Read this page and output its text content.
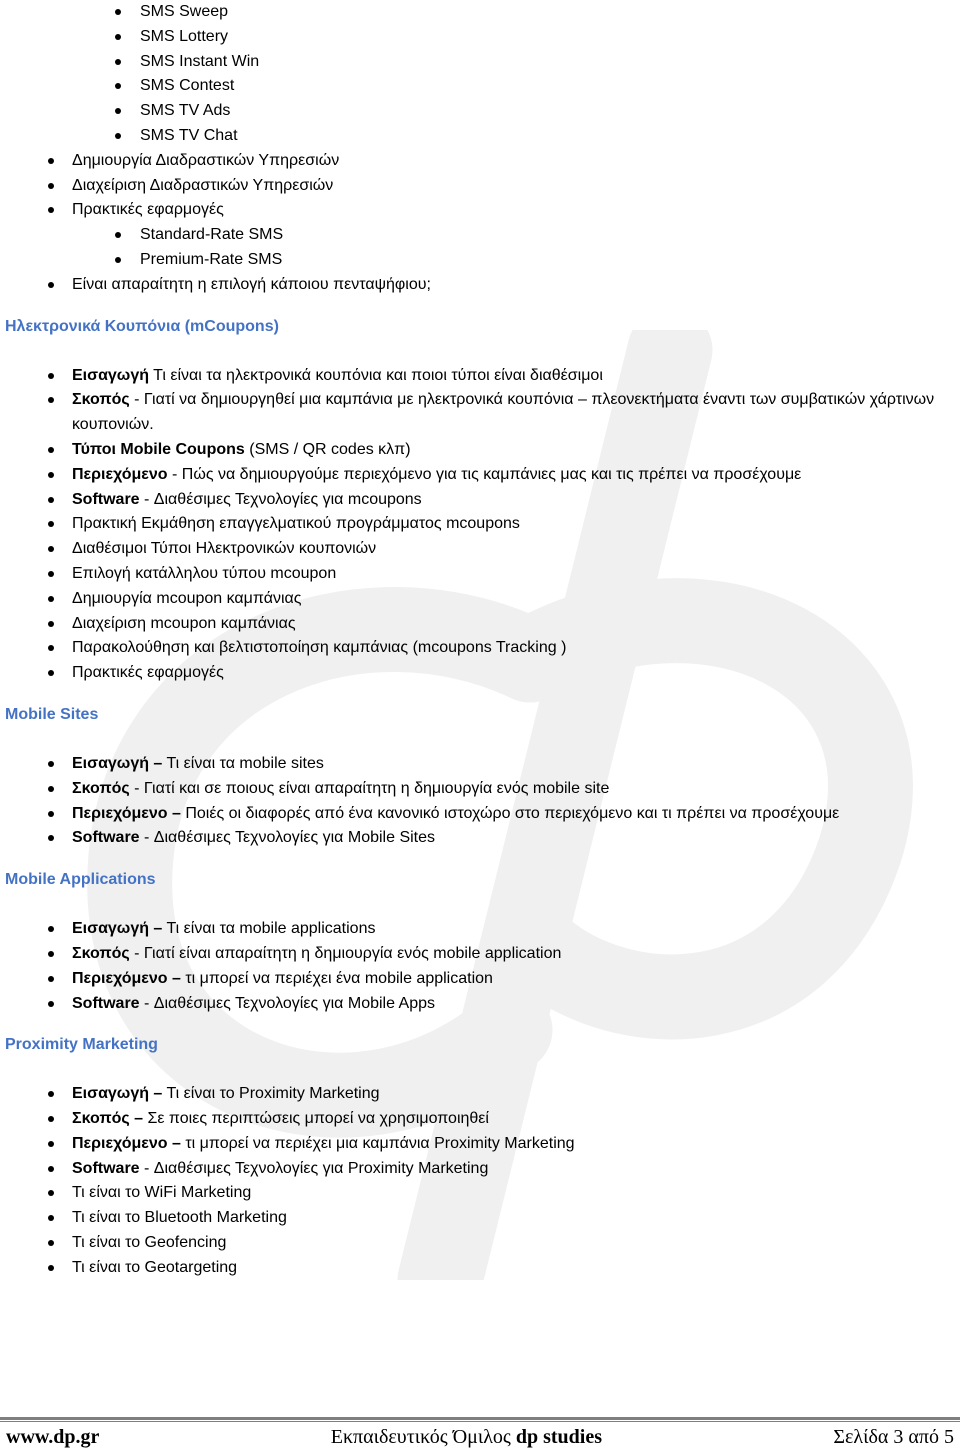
SMS Sweep
SMS Lottery
SMS Instant Win
SMS Contest
SMS TV Ads
SMS TV Chat
Δημιουργία Διαδραστικών Υπηρεσιών
Διαχείριση Διαδραστικών Υπηρεσιών
Πρακτικές εφαρμογές
Standard-Rate SMS
Premium-Rate SMS
Είναι απαραίτητη η επιλογή κάποιου πενταψήφιου;
Ηλεκτρονικά Κουπόνια (mCoupons)
Εισαγωγή Τι είναι τα ηλεκτρονικά κουπόνια και ποιοι τύποι είναι διαθέσιμοι
Σκοπός - Γιατί να δημιουργηθεί μια καμπάνια με ηλεκτρονικά κουπόνια – πλεονεκτήματα έναντι των συμβατικών χάρτινων κουπονιών.
Τύποι Mobile Coupons (SMS / QR codes κλπ)
Περιεχόμενο - Πώς να δημιουργούμε περιεχόμενο για τις καμπάνιες μας και τις πρέπει να προσέχουμε
Software - Διαθέσιμες Τεχνολογίες για mcoupons
Πρακτική Εκμάθηση επαγγελματικού προγράμματος mcoupons
Διαθέσιμοι Τύποι Ηλεκτρονικών κουπονιών
Επιλογή κατάλληλου τύπου mcoupon
Δημιουργία mcoupon καμπάνιας
Διαχείριση mcoupon καμπάνιας
Παρακολούθηση και βελτιστοποίηση καμπάνιας (mcoupons Tracking )
Πρακτικές εφαρμογές
Mobile Sites
Εισαγωγή – Τι είναι τα mobile sites
Σκοπός - Γιατί και σε ποιους είναι απαραίτητη η δημιουργία ενός mobile site
Περιεχόμενο – Ποιές οι διαφορές από ένα κανονικό ιστοχώρο στο περιεχόμενο και τι πρέπει να προσέχουμε
Software - Διαθέσιμες Τεχνολογίες για Mobile Sites
Mobile Applications
Εισαγωγή – Τι είναι τα mobile applications
Σκοπός - Γιατί είναι απαραίτητη η δημιουργία ενός mobile application
Περιεχόμενο – τι μπορεί να περιέχει ένα mobile application
Software - Διαθέσιμες Τεχνολογίες για Mobile Apps
Proximity Marketing
Εισαγωγή – Τι είναι το Proximity Marketing
Σκοπός – Σε ποιες περιπτώσεις μπορεί να χρησιμοποιηθεί
Περιεχόμενο – τι μπορεί να περιέχει μια καμπάνια Proximity Marketing
Software - Διαθέσιμες Τεχνολογίες για Proximity Marketing
Τι είναι το WiFi Marketing
Τι είναι το Bluetooth Marketing
Τι είναι το Geofencing
Τι είναι το Geotargeting
www.dp.gr	Εκπαιδευτικός Όμιλος dp studies	Σελίδα 3 από 5
